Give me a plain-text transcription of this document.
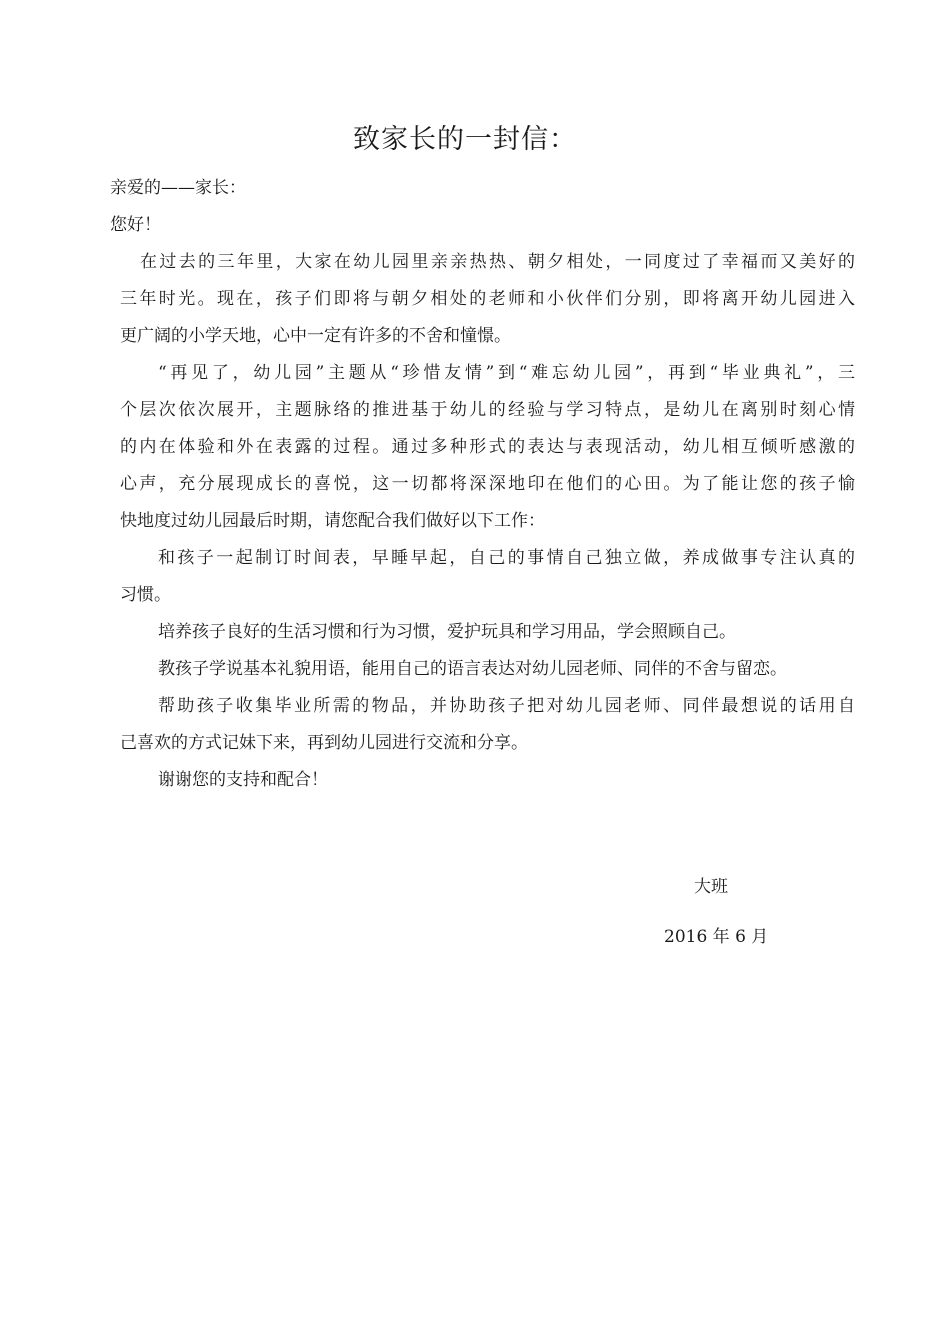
致家长的一封信：
亲爱的——家长：
您好！
在过去的三年里，大家在幼儿园里亲亲热热、朝夕相处，一同度过了幸福而又美好的
三年时光。现在，孩子们即将与朝夕相处的老师和小伙伴们分别，即将离开幼儿园进入
更广阔的小学天地，心中一定有许多的不舍和憧憬。
“再见了，幼儿园”主题从“珍惜友情”到“难忘幼儿园”，再到“毕业典礼”，三
个层次依次展开，主题脉络的推进基于幼儿的经验与学习特点，是幼儿在离别时刻心情
的内在体验和外在表露的过程。通过多种形式的表达与表现活动，幼儿相互倾听感激的
心声，充分展现成长的喜悦，这一切都将深深地印在他们的心田。为了能让您的孩子愉
快地度过幼儿园最后时期，请您配合我们做好以下工作：
和孩子一起制订时间表，早睡早起，自己的事情自己独立做，养成做事专注认真的
习惯。
培养孩子良好的生活习惯和行为习惯，爱护玩具和学习用品，学会照顾自己。
教孩子学说基本礼貌用语，能用自己的语言表达对幼儿园老师、同伴的不舍与留恋。
帮助孩子收集毕业所需的物品，并协助孩子把对幼儿园老师、同伴最想说的话用自
己喜欢的方式记妹下来，再到幼儿园进行交流和分享。
谢谢您的支持和配合！
大班
2016 年 6 月
